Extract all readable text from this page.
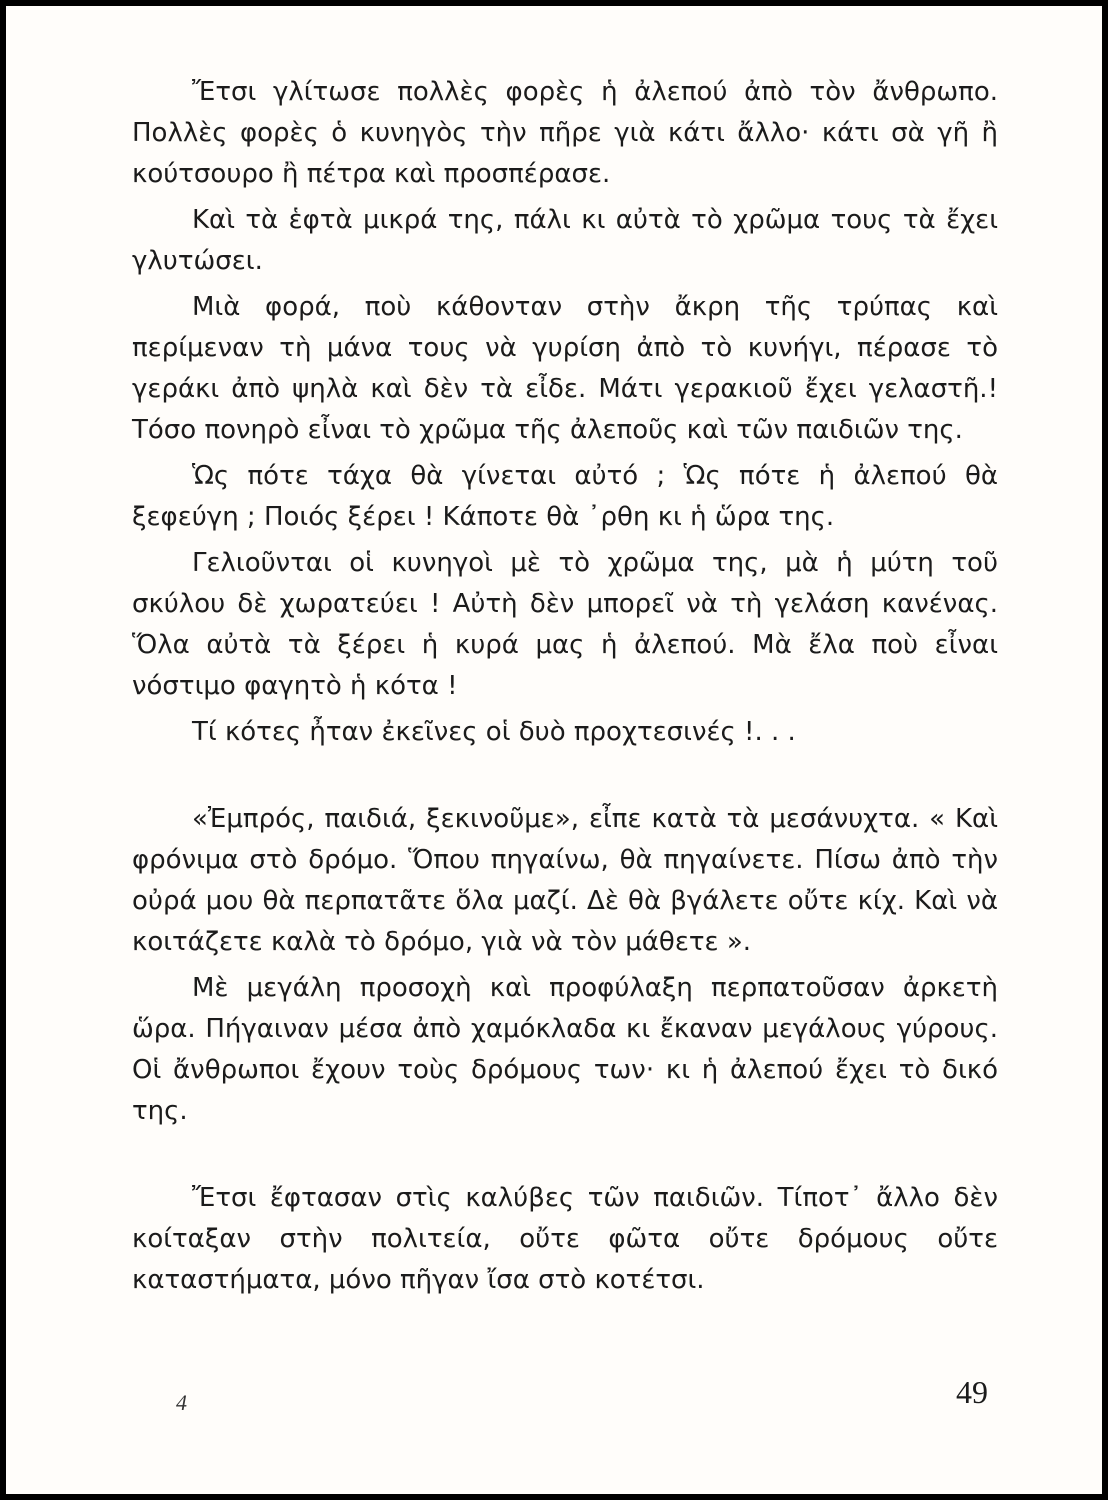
Ἔτσι γλίτωσε πολλὲς φορὲς ἡ ἀλεπού ἀπὸ τὸν ἄνθρωπο. Πολλὲς φορὲς ὁ κυνηγὸς τὴν πῆρε γιὰ κάτι ἄλλο· κάτι σὰ γῆ ἢ κούτσουρο ἢ πέτρα καὶ προσπέρασε.

Καὶ τὰ ἑφτὰ μικρά της, πάλι κι αὐτὰ τὸ χρῶμα τους τὰ ἔχει γλυτώσει.

Μιὰ φορά, ποὺ κάθονταν στὴν ἄκρη τῆς τρύπας καὶ περίμεναν τὴ μάνα τους νὰ γυρίση ἀπὸ τὸ κυνήγι, πέρασε τὸ γεράκι ἀπὸ ψηλὰ καὶ δὲν τὰ εἶδε. Μάτι γερακιοῦ ἔχει γελαστῆ.! Τόσο πονηρὸ εἶναι τὸ χρῶμα τῆς ἀλεποῦς καὶ τῶν παιδιῶν της.

Ὡς πότε τάχα θὰ γίνεται αὐτό ; Ὡς πότε ἡ ἀλεπού θὰ ξεφεύγη ; Ποιός ξέρει ! Κάποτε θὰ ᾿ρθη κι ἡ ὥρα της.

Γελιοῦνται οἱ κυνηγοὶ μὲ τὸ χρῶμα της, μὰ ἡ μύτη τοῦ σκύλου δὲ χωρατεύει ! Αὐτὴ δὲν μπορεῖ νὰ τὴ γελάση κανένας. Ὅλα αὐτὰ τὰ ξέρει ἡ κυρά μας ἡ ἀλεπού. Μὰ ἔλα ποὺ εἶναι νόστιμο φαγητὸ ἡ κότα !

Τί κότες ἦταν ἐκεῖνες οἱ δυὸ προχτεσινές !. . .

«Ἐμπρός, παιδιά, ξεκινοῦμε», εἶπε κατὰ τὰ μεσάνυχτα. « Καὶ φρόνιμα στὸ δρόμο. Ὅπου πηγαίνω, θὰ πηγαίνετε. Πίσω ἀπὸ τὴν οὐρά μου θὰ περπατᾶτε ὅλα μαζί. Δὲ θὰ βγάλετε οὔτε κίχ. Καὶ νὰ κοιτάζετε καλὰ τὸ δρόμο, γιὰ νὰ τὸν μάθετε ».

Μὲ μεγάλη προσοχὴ καὶ προφύλαξη περπατοῦσαν ἀρκετὴ ὥρα. Πήγαιναν μέσα ἀπὸ χαμόκλαδα κι ἔκαναν μεγάλους γύρους. Οἱ ἄνθρωποι ἔχουν τοὺς δρόμους των· κι ἡ ἀλεπού ἔχει τὸ δικό της.

Ἔτσι ἔφτασαν στὶς καλύβες τῶν παιδιῶν. Τίποτ᾿ ἄλλο δὲν κοίταξαν στὴν πολιτεία, οὔτε φῶτα οὔτε δρόμους οὔτε καταστήματα, μόνο πῆγαν ἴσα στὸ κοτέτσι.

4	49
